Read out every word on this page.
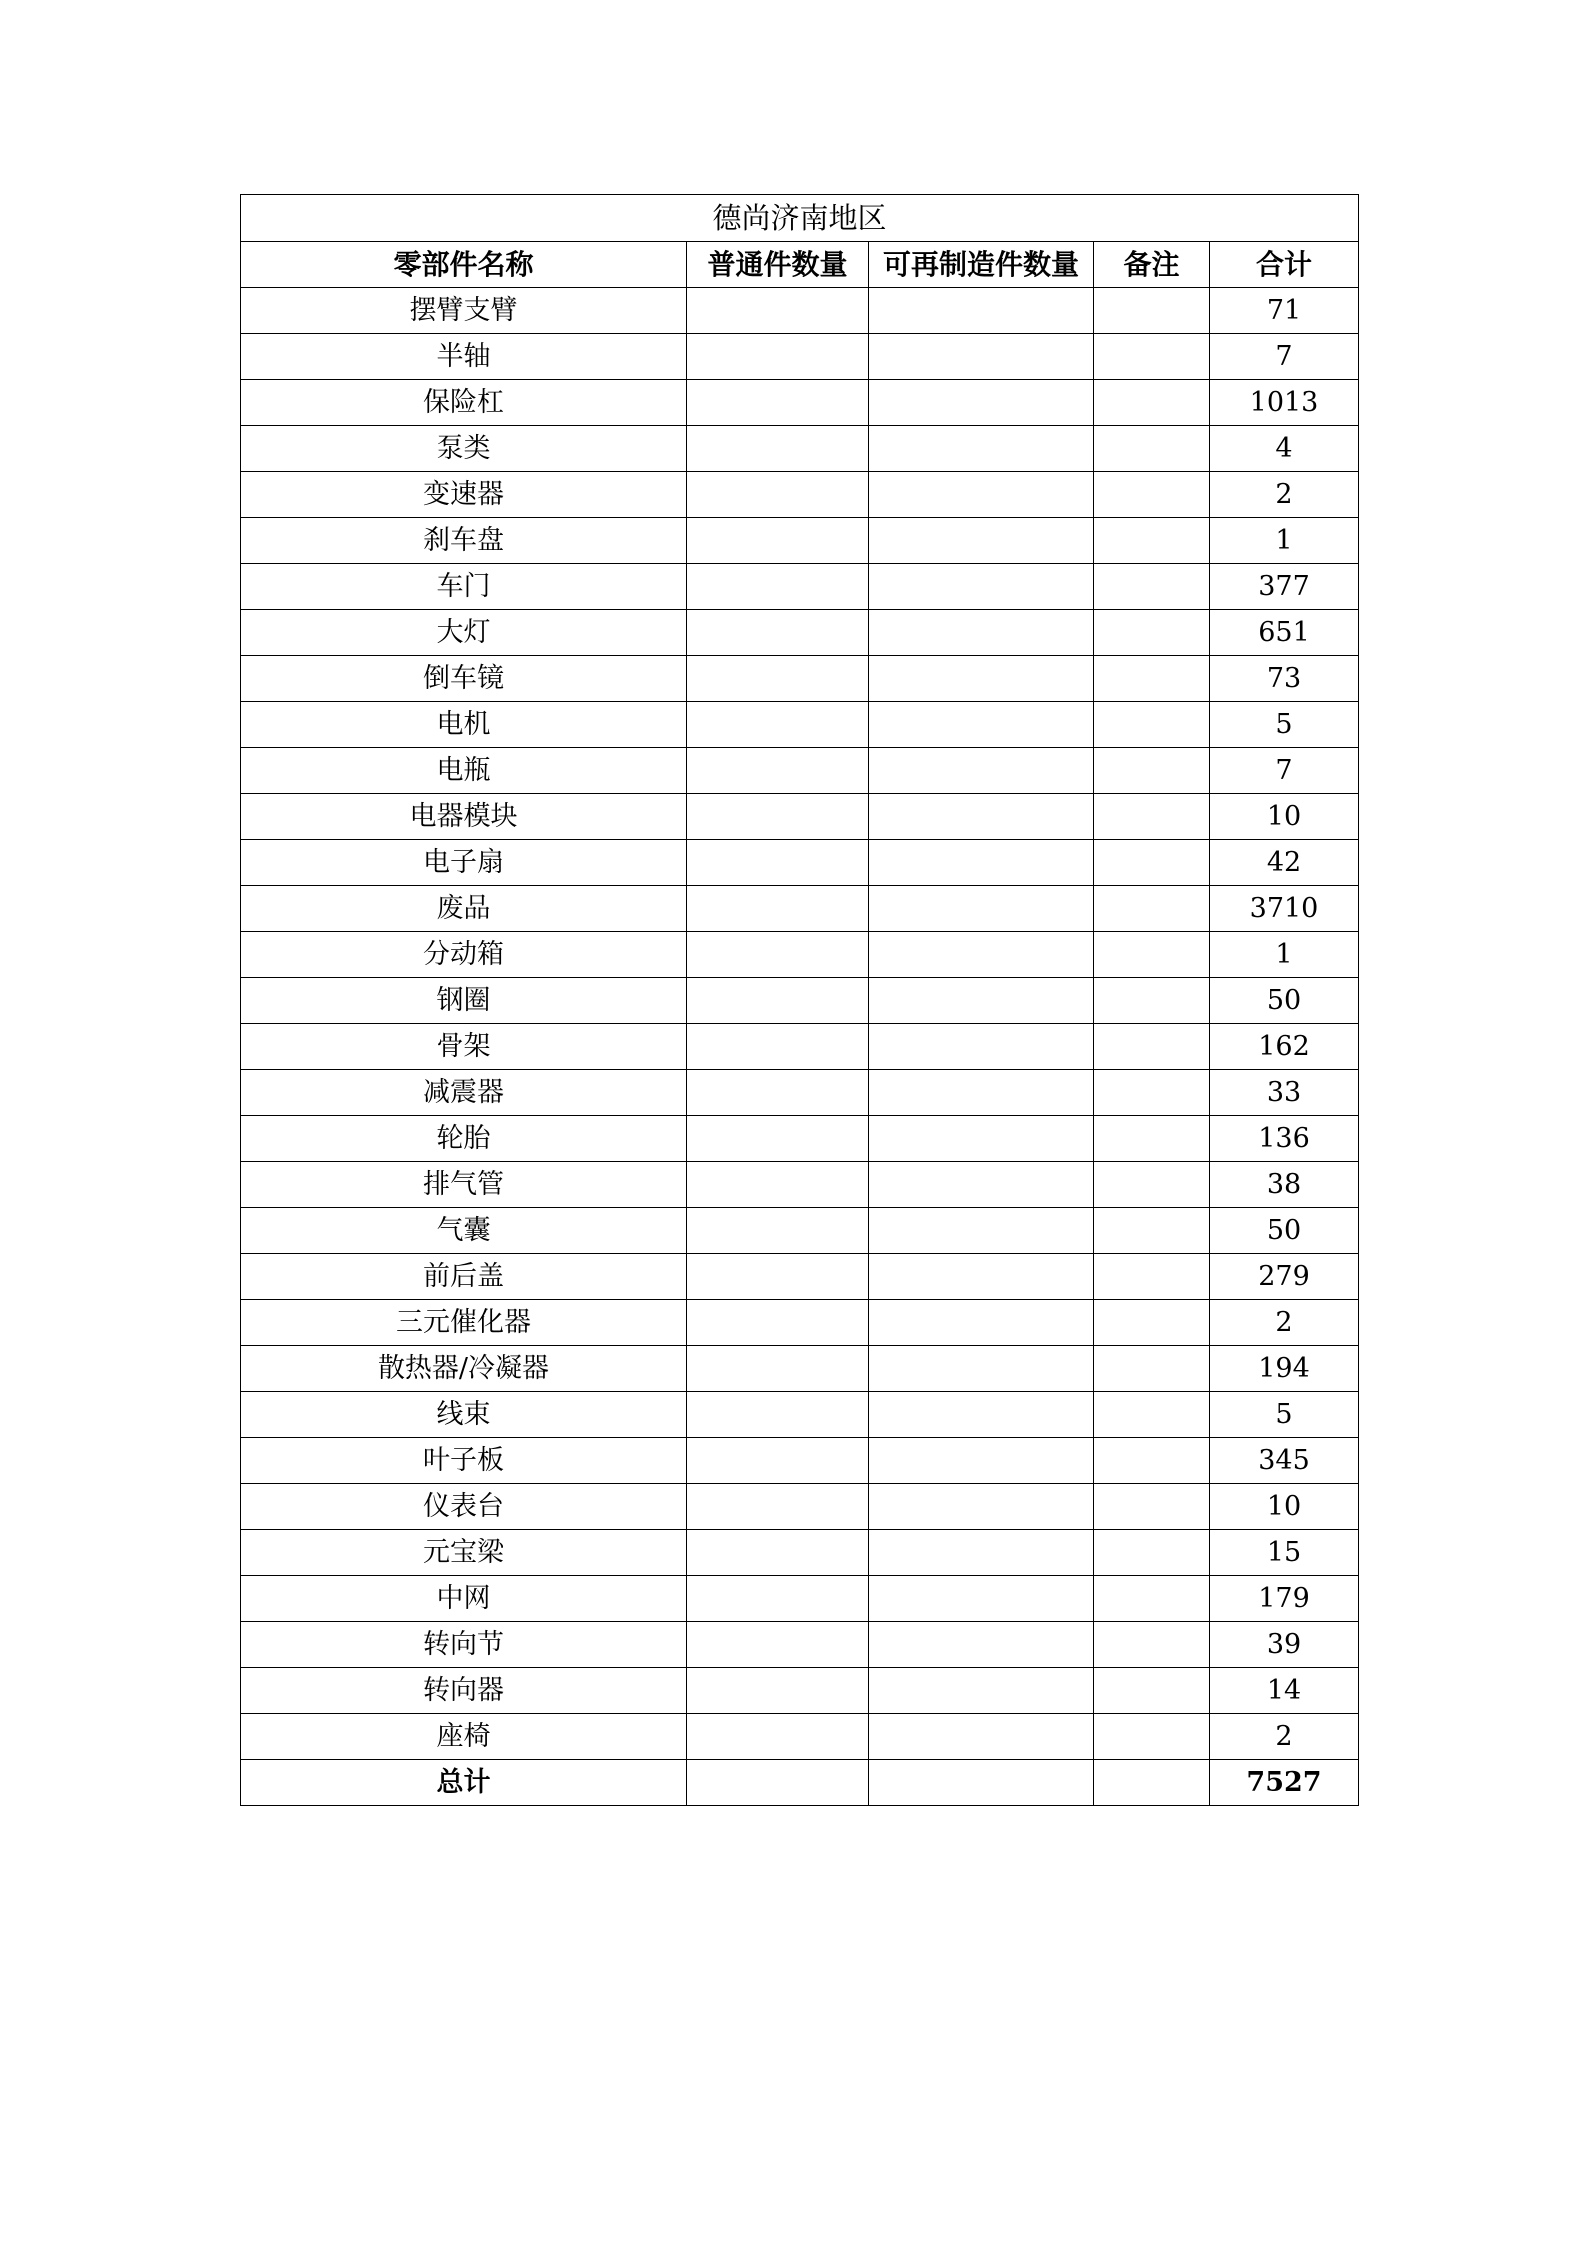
德尚济南地区				
零部件名称	普通件数量	可再制造件数量	备注	合计
摆臂支臂				71
半轴				7
保险杠				1013
泵类				4
变速器				2
刹车盘				1
车门				377
大灯				651
倒车镜				73
电机				5
电瓶				7
电器模块				10
电子扇				42
废品				3710
分动箱				1
钢圈				50
骨架				162
减震器				33
轮胎				136
排气管				38
气囊				50
前后盖				279
三元催化器				2
散热器/冷凝器				194
线束				5
叶子板				345
仪表台				10
元宝梁				15
中网				179
转向节				39
转向器				14
座椅				2
总计				7527
